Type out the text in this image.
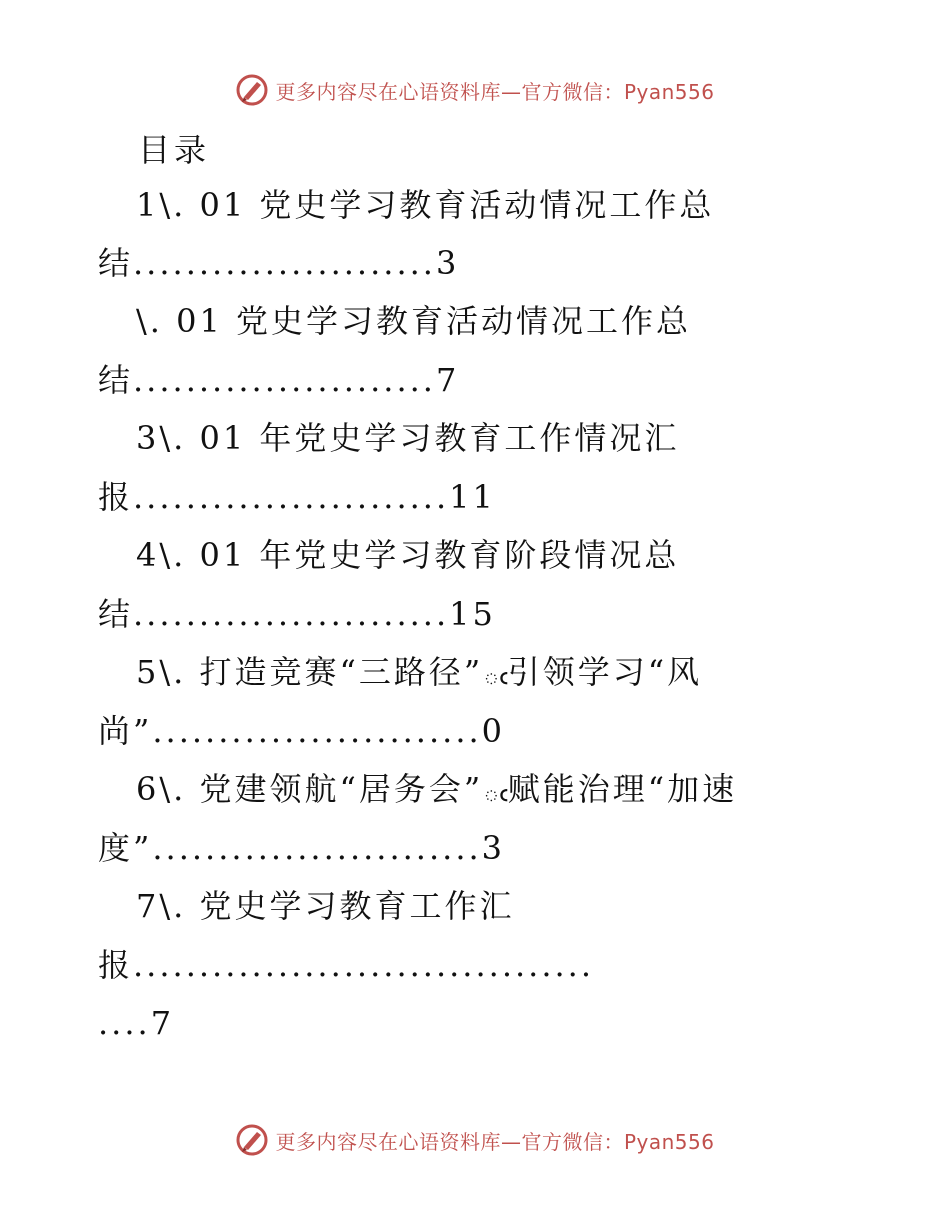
更多内容尽在心语资料库—官方微信：Pyan556
目录
1\. 01 党史学习教育活动情况工作总
结.......................3
\. 01 党史学习教育活动情况工作总
结.......................7
3\. 01 年党史学习教育工作情况汇
报........................11
4\. 01 年党史学习教育阶段情况总
结........................15
5\. 打造竞赛“三路径”ఁ引领学习“风
尚”.........................0
6\. 党建领航“居务会”ఁ赋能治理“加速
度”.........................3
7\. 党史学习教育工作汇
报...................................
....7
更多内容尽在心语资料库—官方微信：Pyan556
